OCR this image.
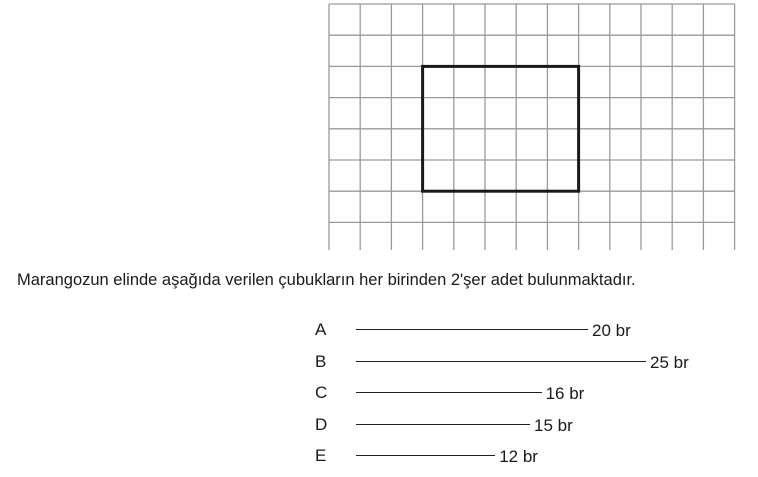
Marangozun elinde aşağıda verilen çubukların her birinden 2'şer adet bulunmaktadır.
A	20 br
B	25 br
C	16 br
D	15 br
E	12 br
